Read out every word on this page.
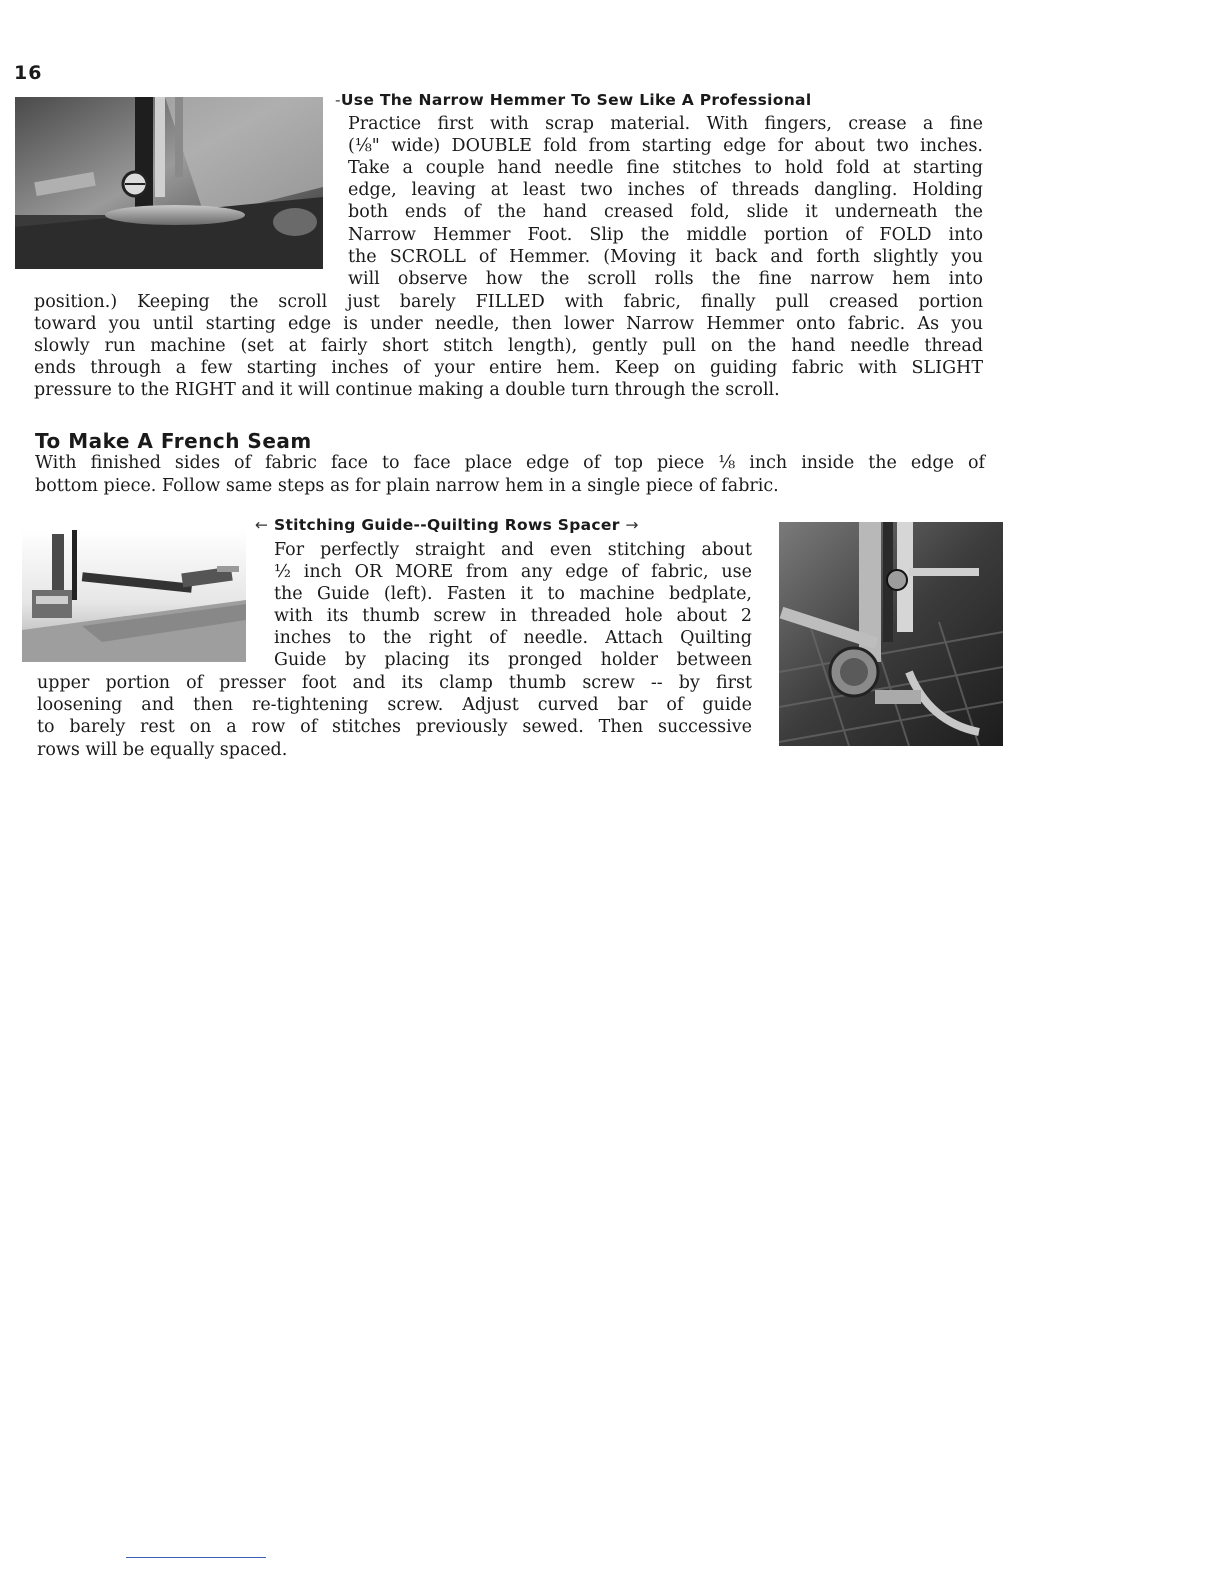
16
-Use The Narrow Hemmer To Sew Like A Professional
Practice first with scrap material. With fingers, crease a fine
(⅛" wide) DOUBLE fold from starting edge for about two inches.
Take a couple hand needle fine stitches to hold fold at starting
edge, leaving at least two inches of threads dangling. Holding
both ends of the hand creased fold, slide it underneath the
Narrow Hemmer Foot. Slip the middle portion of FOLD into
the SCROLL of Hemmer. (Moving it back and forth slightly you
will observe how the scroll rolls the fine narrow hem into
position.) Keeping the scroll just barely FILLED with fabric, finally pull creased portion
toward you until starting edge is under needle, then lower Narrow Hemmer onto fabric. As you
slowly run machine (set at fairly short stitch length), gently pull on the hand needle thread
ends through a few starting inches of your entire hem. Keep on guiding fabric with SLIGHT
pressure to the RIGHT and it will continue making a double turn through the scroll.
To Make A French Seam
With finished sides of fabric face to face place edge of top piece ⅛ inch inside the edge of
bottom piece. Follow same steps as for plain narrow hem in a single piece of fabric.
← Stitching Guide--Quilting Rows Spacer →
For perfectly straight and even stitching about
½ inch OR MORE from any edge of fabric, use
the Guide (left). Fasten it to machine bedplate,
with its thumb screw in threaded hole about 2
inches to the right of needle. Attach Quilting
Guide by placing its pronged holder between
upper portion of presser foot and its clamp thumb screw -- by first
loosening and then re-tightening screw. Adjust curved bar of guide
to barely rest on a row of stitches previously sewed. Then successive
rows will be equally spaced.
